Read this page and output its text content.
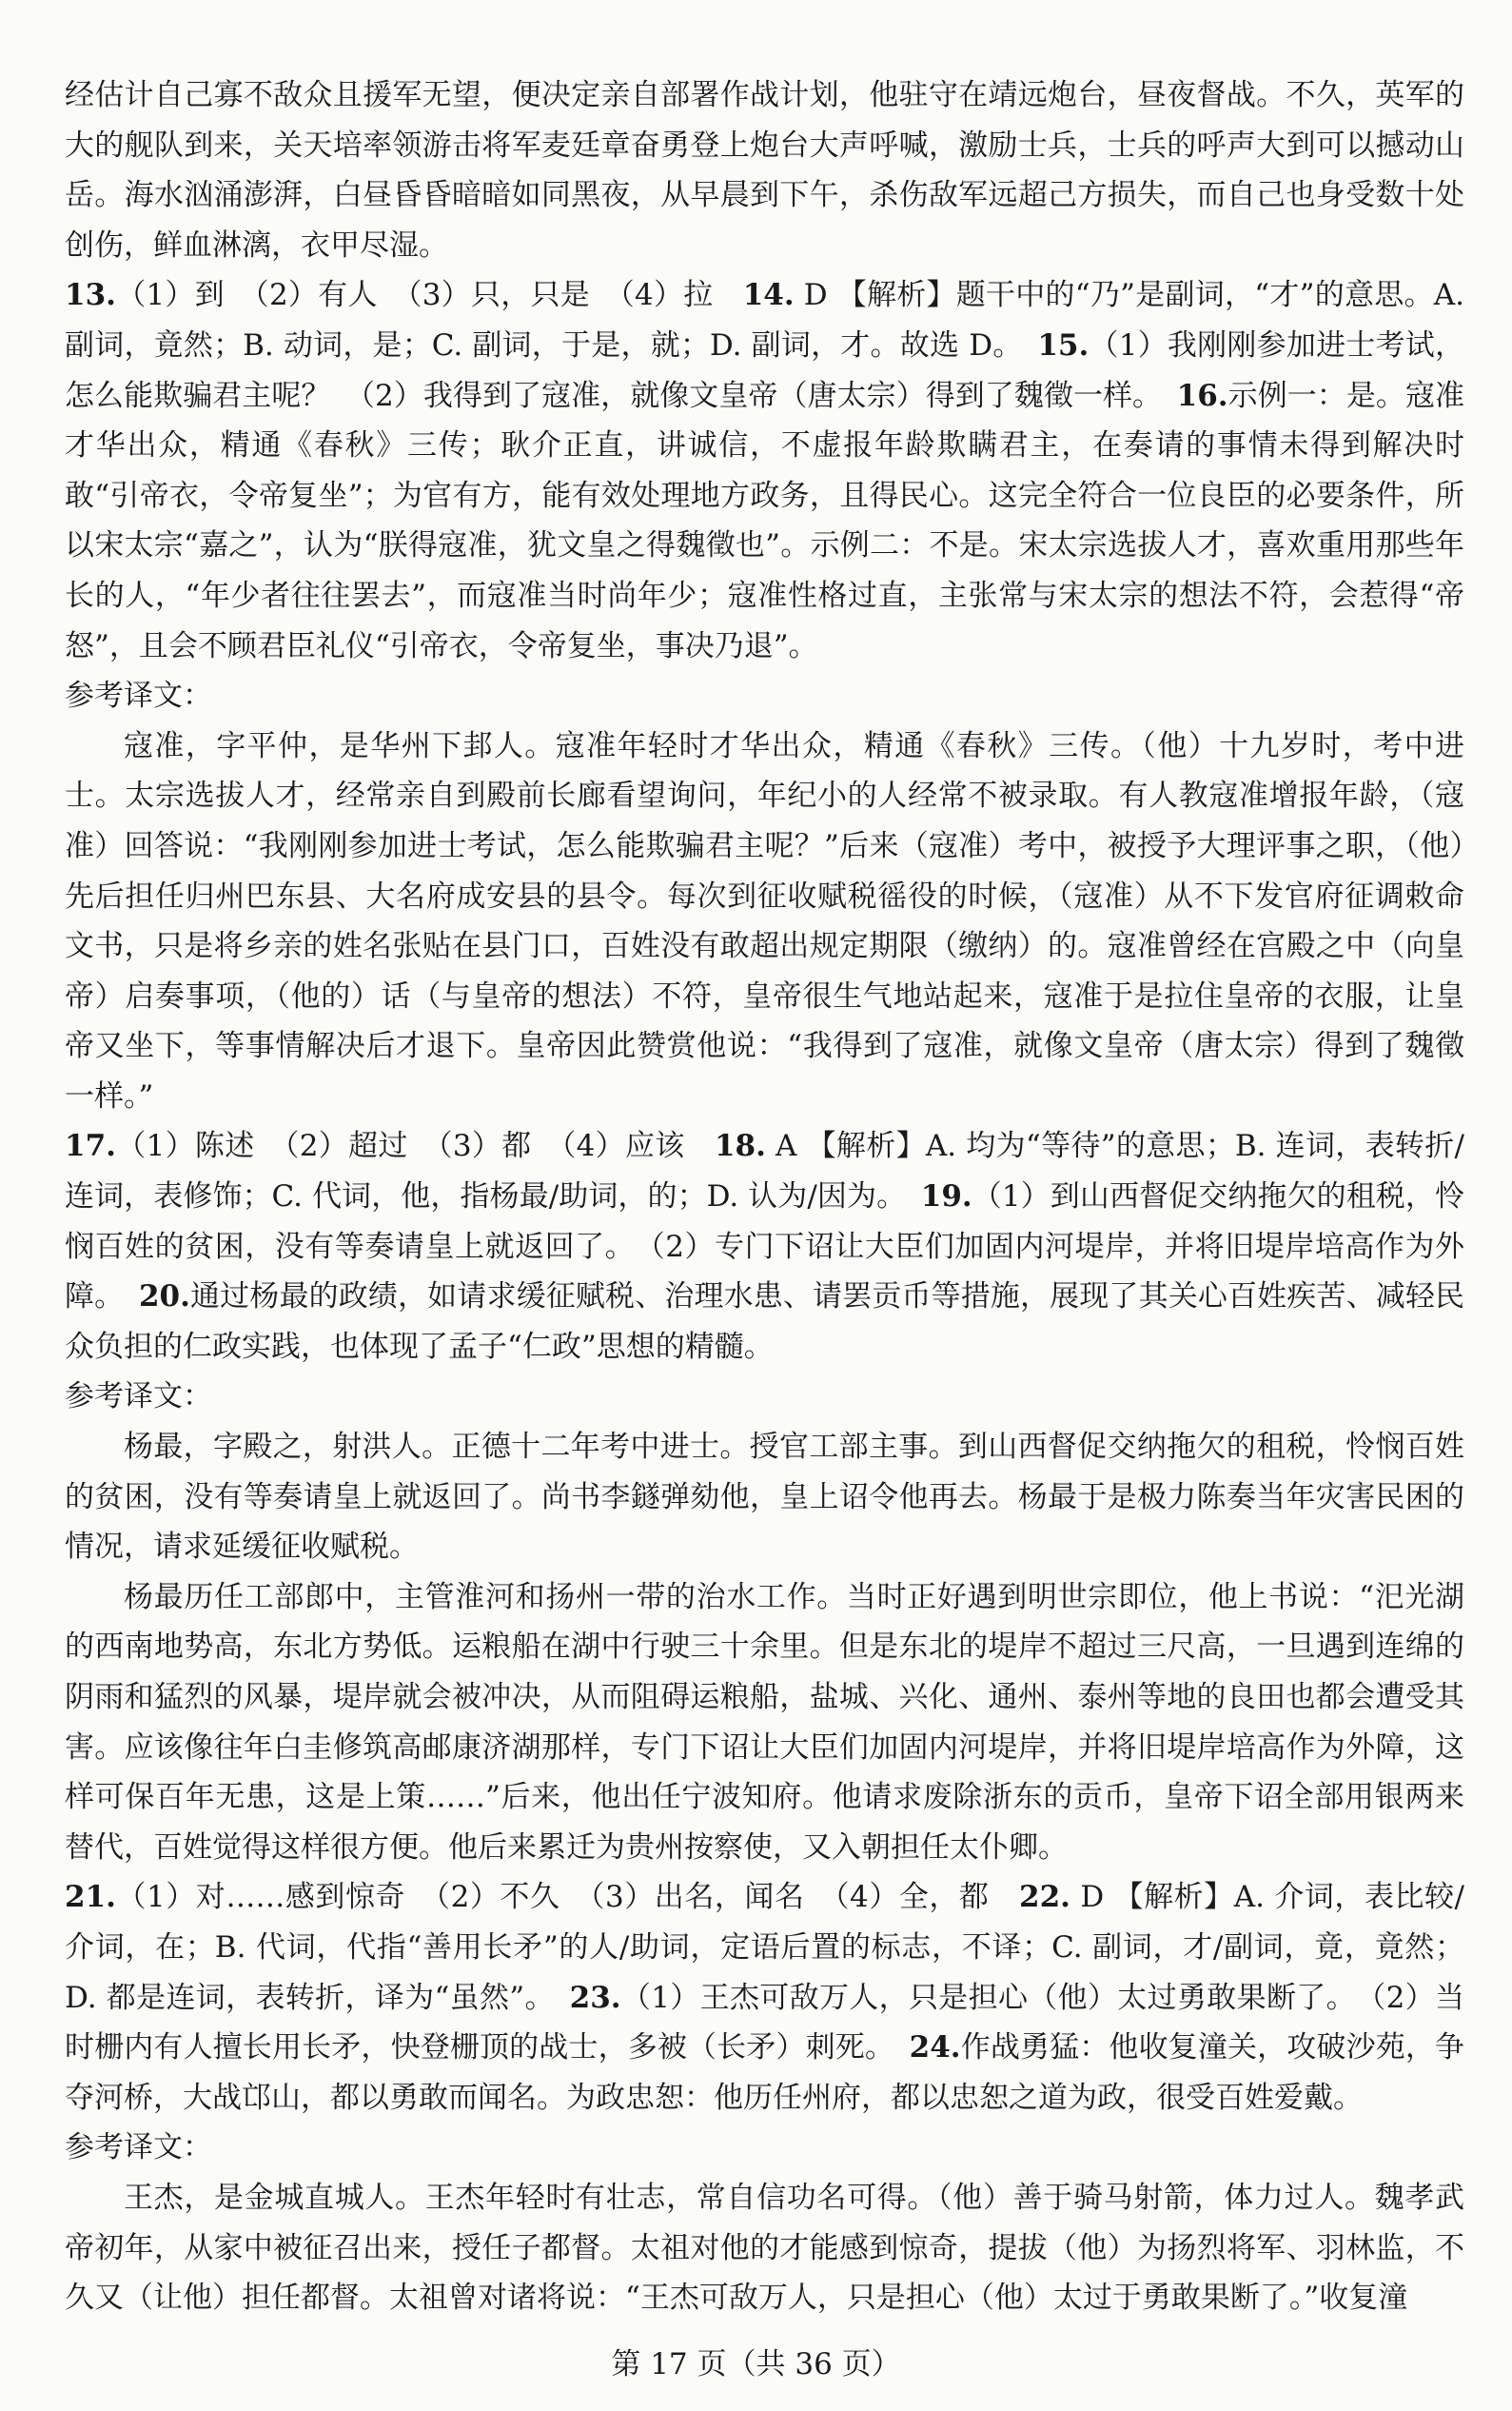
经估计自己寡不敌众且援军无望，便决定亲自部署作战计划，他驻守在靖远炮台，昼夜督战。不久，英军的大的舰队到来，关天培率领游击将军麦廷章奋勇登上炮台大声呼喊，激励士兵，士兵的呼声大到可以撼动山岳。海水汹涌澎湃，白昼昏昏暗暗如同黑夜，从早晨到下午，杀伤敌军远超己方损失，而自己也身受数十处创伤，鲜血淋漓，衣甲尽湿。

13.（1）到　（2）有人　（3）只，只是　（4）拉　14. D 【解析】题干中的“乃”是副词，“才”的意思。A. 副词，竟然；B. 动词，是；C. 副词，于是，就；D. 副词，才。故选 D。　15.（1）我刚刚参加进士考试，怎么能欺骗君主呢？　（2）我得到了寇准，就像文皇帝（唐太宗）得到了魏徵一样。　16.示例一：是。寇准才华出众，精通《春秋》三传；耿介正直，讲诚信，不虚报年龄欺瞒君主，在奏请的事情未得到解决时敢“引帝衣，令帝复坐”；为官有方，能有效处理地方政务，且得民心。这完全符合一位良臣的必要条件，所以宋太宗“嘉之”，认为“朕得寇准，犹文皇之得魏徵也”。示例二：不是。宋太宗选拔人才，喜欢重用那些年长的人，“年少者往往罢去”，而寇准当时尚年少；寇准性格过直，主张常与宋太宗的想法不符，会惹得“帝怒”，且会不顾君臣礼仪“引帝衣，令帝复坐，事决乃退”。

参考译文：

寇准，字平仲，是华州下邽人。寇准年轻时才华出众，精通《春秋》三传。（他）十九岁时，考中进士。太宗选拔人才，经常亲自到殿前长廊看望询问，年纪小的人经常不被录取。有人教寇准增报年龄，（寇准）回答说：“我刚刚参加进士考试，怎么能欺骗君主呢？”后来（寇准）考中，被授予大理评事之职，（他）先后担任归州巴东县、大名府成安县的县令。每次到征收赋税徭役的时候，（寇准）从不下发官府征调敕命文书，只是将乡亲的姓名张贴在县门口，百姓没有敢超出规定期限（缴纳）的。寇准曾经在宫殿之中（向皇帝）启奏事项，（他的）话（与皇帝的想法）不符，皇帝很生气地站起来，寇准于是拉住皇帝的衣服，让皇帝又坐下，等事情解决后才退下。皇帝因此赞赏他说：“我得到了寇准，就像文皇帝（唐太宗）得到了魏徵一样。”

17.（1）陈述　（2）超过　（3）都　（4）应该　18. A 【解析】A. 均为“等待”的意思；B. 连词，表转折/连词，表修饰；C. 代词，他，指杨最/助词，的；D. 认为/因为。　19.（1）到山西督促交纳拖欠的租税，怜悯百姓的贫困，没有等奏请皇上就返回了。　（2）专门下诏让大臣们加固内河堤岸，并将旧堤岸培高作为外障。　20.通过杨最的政绩，如请求缓征赋税、治理水患、请罢贡币等措施，展现了其关心百姓疾苦、减轻民众负担的仁政实践，也体现了孟子“仁政”思想的精髓。

参考译文：

杨最，字殿之，射洪人。正德十二年考中进士。授官工部主事。到山西督促交纳拖欠的租税，怜悯百姓的贫困，没有等奏请皇上就返回了。尚书李鐩弹劾他，皇上诏令他再去。杨最于是极力陈奏当年灾害民困的情况，请求延缓征收赋税。

杨最历任工部郎中，主管淮河和扬州一带的治水工作。当时正好遇到明世宗即位，他上书说：“汜光湖的西南地势高，东北方势低。运粮船在湖中行驶三十余里。但是东北的堤岸不超过三尺高，一旦遇到连绵的阴雨和猛烈的风暴，堤岸就会被冲决，从而阻碍运粮船，盐城、兴化、通州、泰州等地的良田也都会遭受其害。应该像往年白圭修筑高邮康济湖那样，专门下诏让大臣们加固内河堤岸，并将旧堤岸培高作为外障，这样可保百年无患，这是上策……”后来，他出任宁波知府。他请求废除浙东的贡币，皇帝下诏全部用银两来替代，百姓觉得这样很方便。他后来累迁为贵州按察使，又入朝担任太仆卿。

21.（1）对……感到惊奇　（2）不久　（3）出名，闻名　（4）全，都　22. D 【解析】A. 介词，表比较/介词，在；B. 代词，代指“善用长矛”的人/助词，定语后置的标志，不译；C. 副词，才/副词，竟，竟然；D. 都是连词，表转折，译为“虽然”。　23.（1）王杰可敌万人，只是担心（他）太过勇敢果断了。　（2）当时栅内有人擅长用长矛，快登栅顶的战士，多被（长矛）刺死。　24.作战勇猛：他收复潼关，攻破沙苑，争夺河桥，大战邙山，都以勇敢而闻名。为政忠恕：他历任州府，都以忠恕之道为政，很受百姓爱戴。

参考译文：

王杰，是金城直城人。王杰年轻时有壮志，常自信功名可得。（他）善于骑马射箭，体力过人。魏孝武帝初年，从家中被征召出来，授任子都督。太祖对他的才能感到惊奇，提拔（他）为扬烈将军、羽林监，不久又（让他）担任都督。太祖曾对诸将说：“王杰可敌万人，只是担心（他）太过于勇敢果断了。”收复潼

第 17 页（共 36 页）
